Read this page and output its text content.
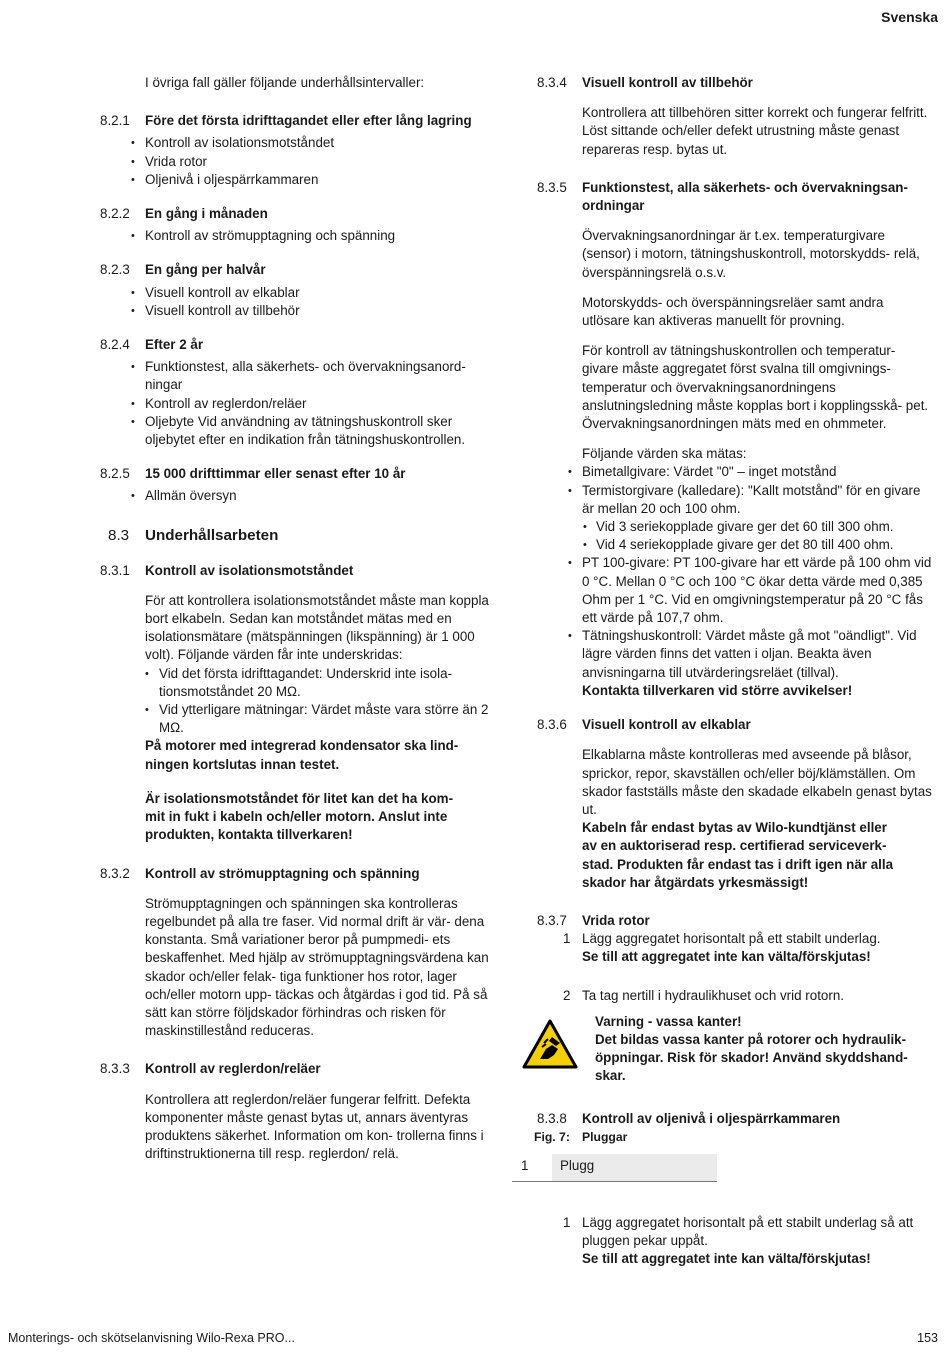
Svenska
I övriga fall gäller följande underhållsintervaller:
8.2.1 Före det första idrifttagandet eller efter lång lagring
• Kontroll av isolationsmotståndet
• Vrida rotor
• Oljenivå i oljespärrkammaren
8.2.2 En gång i månaden
• Kontroll av strömupptagning och spänning
8.2.3 En gång per halvår
• Visuell kontroll av elkablar
• Visuell kontroll av tillbehör
8.2.4 Efter 2 år
• Funktionstest, alla säkerhets- och övervakningsanord- ningar
• Kontroll av reglerdon/reläer
• Oljebyte Vid användning av tätningshuskontroll sker oljebytet efter en indikation från tätningshuskontrollen.
8.2.5 15 000 drifttimmar eller senast efter 10 år
• Allmän översyn
8.3 Underhållsarbeten
8.3.1 Kontroll av isolationsmotståndet
För att kontrollera isolationsmotståndet måste man koppla bort elkabeln. Sedan kan motståndet mätas med en isolationsmätare (mätspänningen (likspänning) är 1 000 volt). Följande värden får inte underskridas:
• Vid det första idrifttagandet: Underskrid inte isola- tionsmotståndet 20 MΩ.
• Vid ytterligare mätningar: Värdet måste vara större än 2 MΩ.
På motorer med integrerad kondensator ska lind- ningen kortslutas innan testet.
Är isolationsmotståndet för litet kan det ha kom- mit in fukt i kabeln och/eller motorn. Anslut inte produkten, kontakta tillverkaren!
8.3.2 Kontroll av strömupptagning och spänning
Strömupptagningen och spänningen ska kontrolleras regelbundet på alla tre faser. Vid normal drift är vär- dena konstanta. Små variationer beror på pumpmedi- ets beskaffenhet. Med hjälp av strömupptagningsvärdena kan skador och/eller felak- tiga funktioner hos rotor, lager och/eller motorn upp- täckas och åtgärdas i god tid. På så sätt kan större följdskador förhindras och risken för maskinstillestånd reduceras.
8.3.3 Kontroll av reglerdon/reläer
Kontrollera att reglerdon/reläer fungerar felfritt. Defekta komponenter måste genast bytas ut, annars äventyras produktens säkerhet. Information om kon- trollerna finns i driftinstruktionerna till resp. reglerdon/ relä.
8.3.4 Visuell kontroll av tillbehör
Kontrollera att tillbehören sitter korrekt och fungerar felfritt. Löst sittande och/eller defekt utrustning måste genast repareras resp. bytas ut.
8.3.5 Funktionstest, alla säkerhets- och övervakningsan- ordningar
Övervakningsanordningar är t.ex. temperaturgivare (sensor) i motorn, tätningshuskontroll, motorskydds- relä, överspänningsrelä o.s.v.
Motorskydds- och överspänningsreläer samt andra utlösare kan aktiveras manuellt för provning.
För kontroll av tätningshuskontrollen och temperatur- givare måste aggregatet först svalna till omgivnings- temperatur och övervakningsanordningens anslutningsledning måste kopplas bort i kopplingsskå- pet. Övervakningsanordningen mäts med en ohmmeter.
Följande värden ska mätas:
• Bimetallgivare: Värdet "0" – inget motstånd
• Termistorgivare (kalledare): "Kallt motstånd" för en givare är mellan 20 och 100 ohm.
• Vid 3 seriekopplade givare ger det 60 till 300 ohm.
• Vid 4 seriekopplade givare ger det 80 till 400 ohm.
• PT 100-givare: PT 100-givare har ett värde på 100 ohm vid 0 °C. Mellan 0 °C och 100 °C ökar detta värde med 0,385 Ohm per 1 °C. Vid en omgivningstemperatur på 20 °C fås ett värde på 107,7 ohm.
• Tätningshuskontroll: Värdet måste gå mot "oändligt". Vid lägre värden finns det vatten i oljan. Beakta även anvisningarna till utvärderingsreläet (tillval).
Kontakta tillverkaren vid större avvikelser!
8.3.6 Visuell kontroll av elkablar
Elkablarna måste kontrolleras med avseende på blåsor, sprickor, repor, skavställen och/eller böj/klämställen. Om skador fastställs måste den skadade elkabeln genast bytas ut.
Kabeln får endast bytas av Wilo-kundtjänst eller av en auktoriserad resp. certifierad serviceverk- stad. Produkten får endast tas i drift igen när alla skador har åtgärdats yrkesmässigt!
8.3.7 Vrida rotor
1 Lägg aggregatet horisontalt på ett stabilt underlag.
Se till att aggregatet inte kan välta/förskjutas!
2 Ta tag nertill i hydraulikhuset och vrid rotorn.
Varning - vassa kanter!
Det bildas vassa kanter på rotorer och hydraulik- öppningar. Risk för skador! Använd skyddshand- skar.
8.3.8 Kontroll av oljenivå i oljespärrkammaren
Fig. 7: Pluggar
1	Plugg
1 Lägg aggregatet horisontalt på ett stabilt underlag så att pluggen pekar uppåt.
Se till att aggregatet inte kan välta/förskjutas!
Monterings- och skötselanvisning Wilo-Rexa PRO...	153
